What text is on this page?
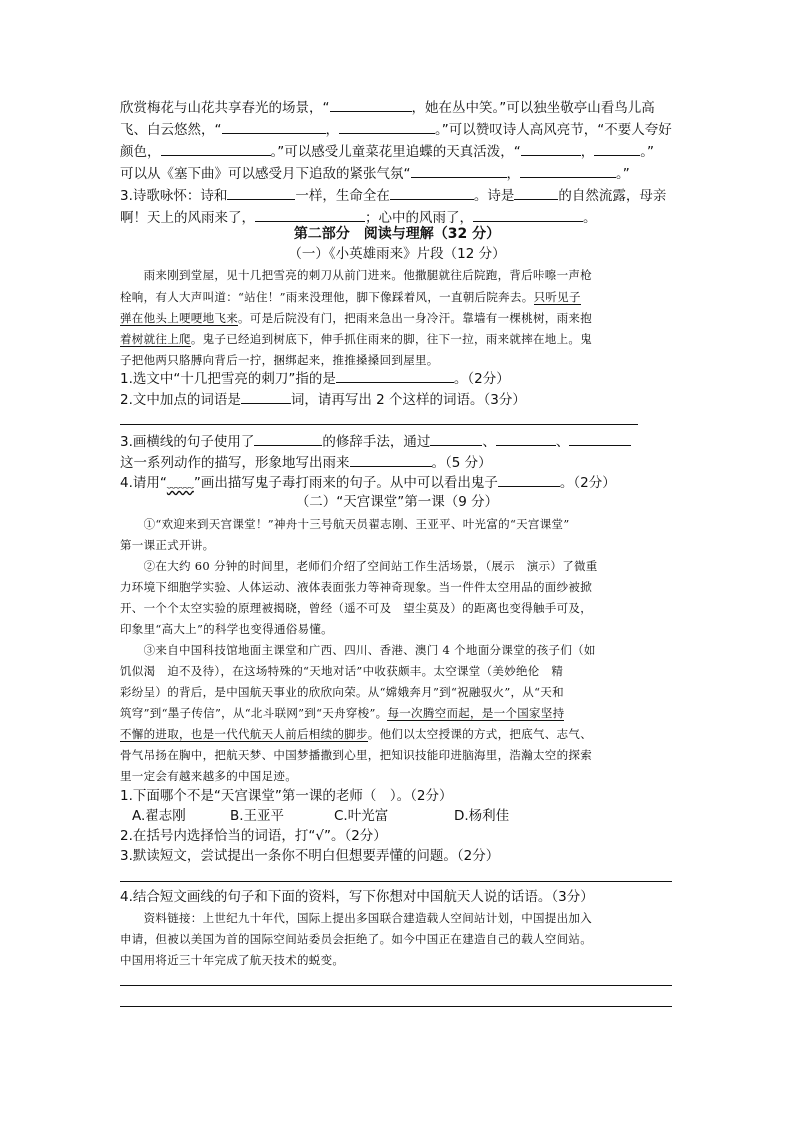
欣赏梅花与山花共享春光的场景，“	，她在丛中笑。”可以独坐敬亭山看鸟儿高
飞、白云悠然，“	，	。”可以赞叹诗人高风亮节，“不要人夸好
颜色，	。”可以感受儿童菜花里追蝶的天真活泼，“	，	。”
可以从《塞下曲》可以感受月下追敌的紧张气氛“	，	。”
3.诗歌咏怀：诗和	一样，生命全在	。诗是	的自然流露，母亲
啊！天上的风雨来了，	；心中的风雨了，	。
第二部分　阅读与理解（32 分）
（一）《小英雄雨来》片段（12 分）
　　雨来刚到堂屋，见十几把雪亮的刺刀从前门进来。他撒腿就往后院跑，背后咔嚓一声枪
栓响，有人大声叫道：“站住！”雨来没理他，脚下像踩着风，一直朝后院奔去。只听见子
弹在他头上哽哽地飞来。可是后院没有门，把雨来急出一身冷汗。靠墙有一棵桃树，雨来抱
着树就往上爬。鬼子已经追到树底下，伸手抓住雨来的脚，往下一拉，雨来就摔在地上。鬼
子把他两只胳膊向背后一拧，捆绑起来，推推搡搡回到屋里。
1.选文中“十几把雪亮的刺刀”指的是	。（2分）
2.文中加点的词语是	词，请再写出 2 个这样的词语。（3分）
3.画横线的句子使用了	的修辞手法，通过	、	、
这一系列动作的描写，形象地写出雨来	。（5 分）
4.请用“﹏﹏”画出描写鬼子毒打雨来的句子。从中可以看出鬼子	。（2分）
（二）“天宫课堂”第一课（9 分）
　　①“欢迎来到天宫课堂！”神舟十三号航天员翟志刚、王亚平、叶光富的“天宫课堂”
第一课正式开讲。
　　②在大约 60 分钟的时间里，老师们介绍了空间站工作生活场景，（展示　演示）了微重
力环境下细胞学实验、人体运动、液体表面张力等神奇现象。当一件件太空用品的面纱被掀
开、一个个太空实验的原理被揭晓，曾经（遥不可及　望尘莫及）的距离也变得触手可及，
印象里“高大上”的科学也变得通俗易懂。
　　③来自中国科技馆地面主课堂和广西、四川、香港、澳门 4 个地面分课堂的孩子们（如
饥似渴　迫不及待），在这场特殊的“天地对话”中收获颇丰。太空课堂（美妙绝伦　精
彩纷呈）的背后，是中国航天事业的欣欣向荣。从“嫦娥奔月”到“祝融驭火”，从“天和
筑穹”到“墨子传信”，从“北斗联网”到“天舟穿梭”。每一次腾空而起，是一个国家坚持
不懈的进取，也是一代代航天人前后相续的脚步。他们以太空授课的方式，把底气、志气、
骨气吊扬在胸中，把航天梦、中国梦播撒到心里，把知识技能印进脑海里，浩瀚太空的探索
里一定会有越来越多的中国足迹。
1.下面哪个不是“天宫课堂”第一课的老师（　）。（2分）
A.翟志刚	B.王亚平	C.叶光富	D.杨利佳
2.在括号内选择恰当的词语，打“√”。（2分）
3.默读短文，尝试提出一条你不明白但想要弄懂的问题。（2分）
4.结合短文画线的句子和下面的资料，写下你想对中国航天人说的话语。（3分）
　　资料链接：上世纪九十年代，国际上提出多国联合建造载人空间站计划，中国提出加入
申请，但被以美国为首的国际空间站委员会拒绝了。如今中国正在建造自己的载人空间站。
中国用将近三十年完成了航天技术的蜕变。
